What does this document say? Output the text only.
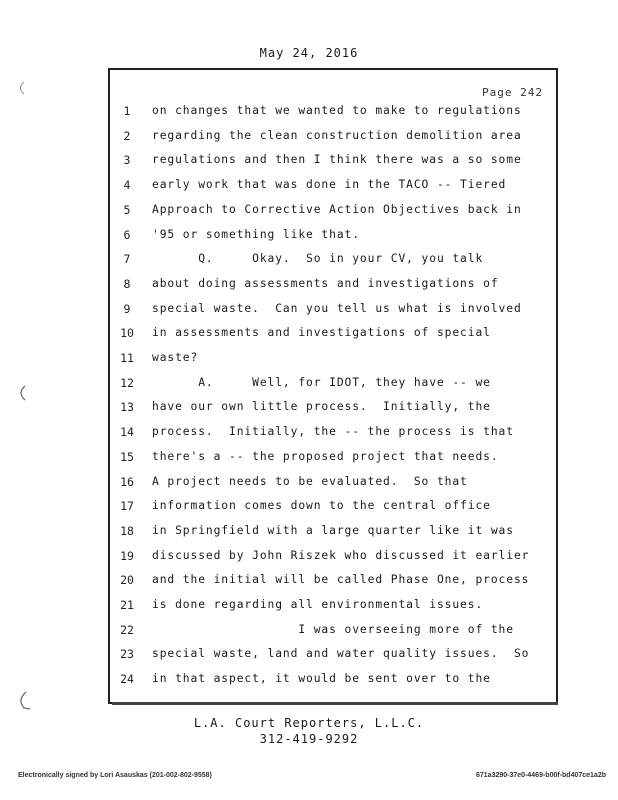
May 24, 2016
Page 242
1	on changes that we wanted to make to regulations
2	regarding the clean construction demolition area
3	regulations and then I think there was a so some
4	early work that was done in the TACO -- Tiered
5	Approach to Corrective Action Objectives back in
6	'95 or something like that.
7	Q.     Okay.  So in your CV, you talk
8	about doing assessments and investigations of
9	special waste.  Can you tell us what is involved
10	in assessments and investigations of special
11	waste?
12	A.     Well, for IDOT, they have -- we
13	have our own little process.  Initially, the
14	process.  Initially, the -- the process is that
15	there's a -- the proposed project that needs.
16	A project needs to be evaluated.  So that
17	information comes down to the central office
18	in Springfield with a large quarter like it was
19	discussed by John Riszek who discussed it earlier
20	and the initial will be called Phase One, process
21	is done regarding all environmental issues.
22	I was overseeing more of the
23	special waste, land and water quality issues.  So
24	in that aspect, it would be sent over to the
L.A. Court Reporters, L.L.C.
312-419-9292
Electronically signed by Lori Asauskas (201-002-802-9558)	671a3290-37e0-4469-b00f-bd407ce1a2b
